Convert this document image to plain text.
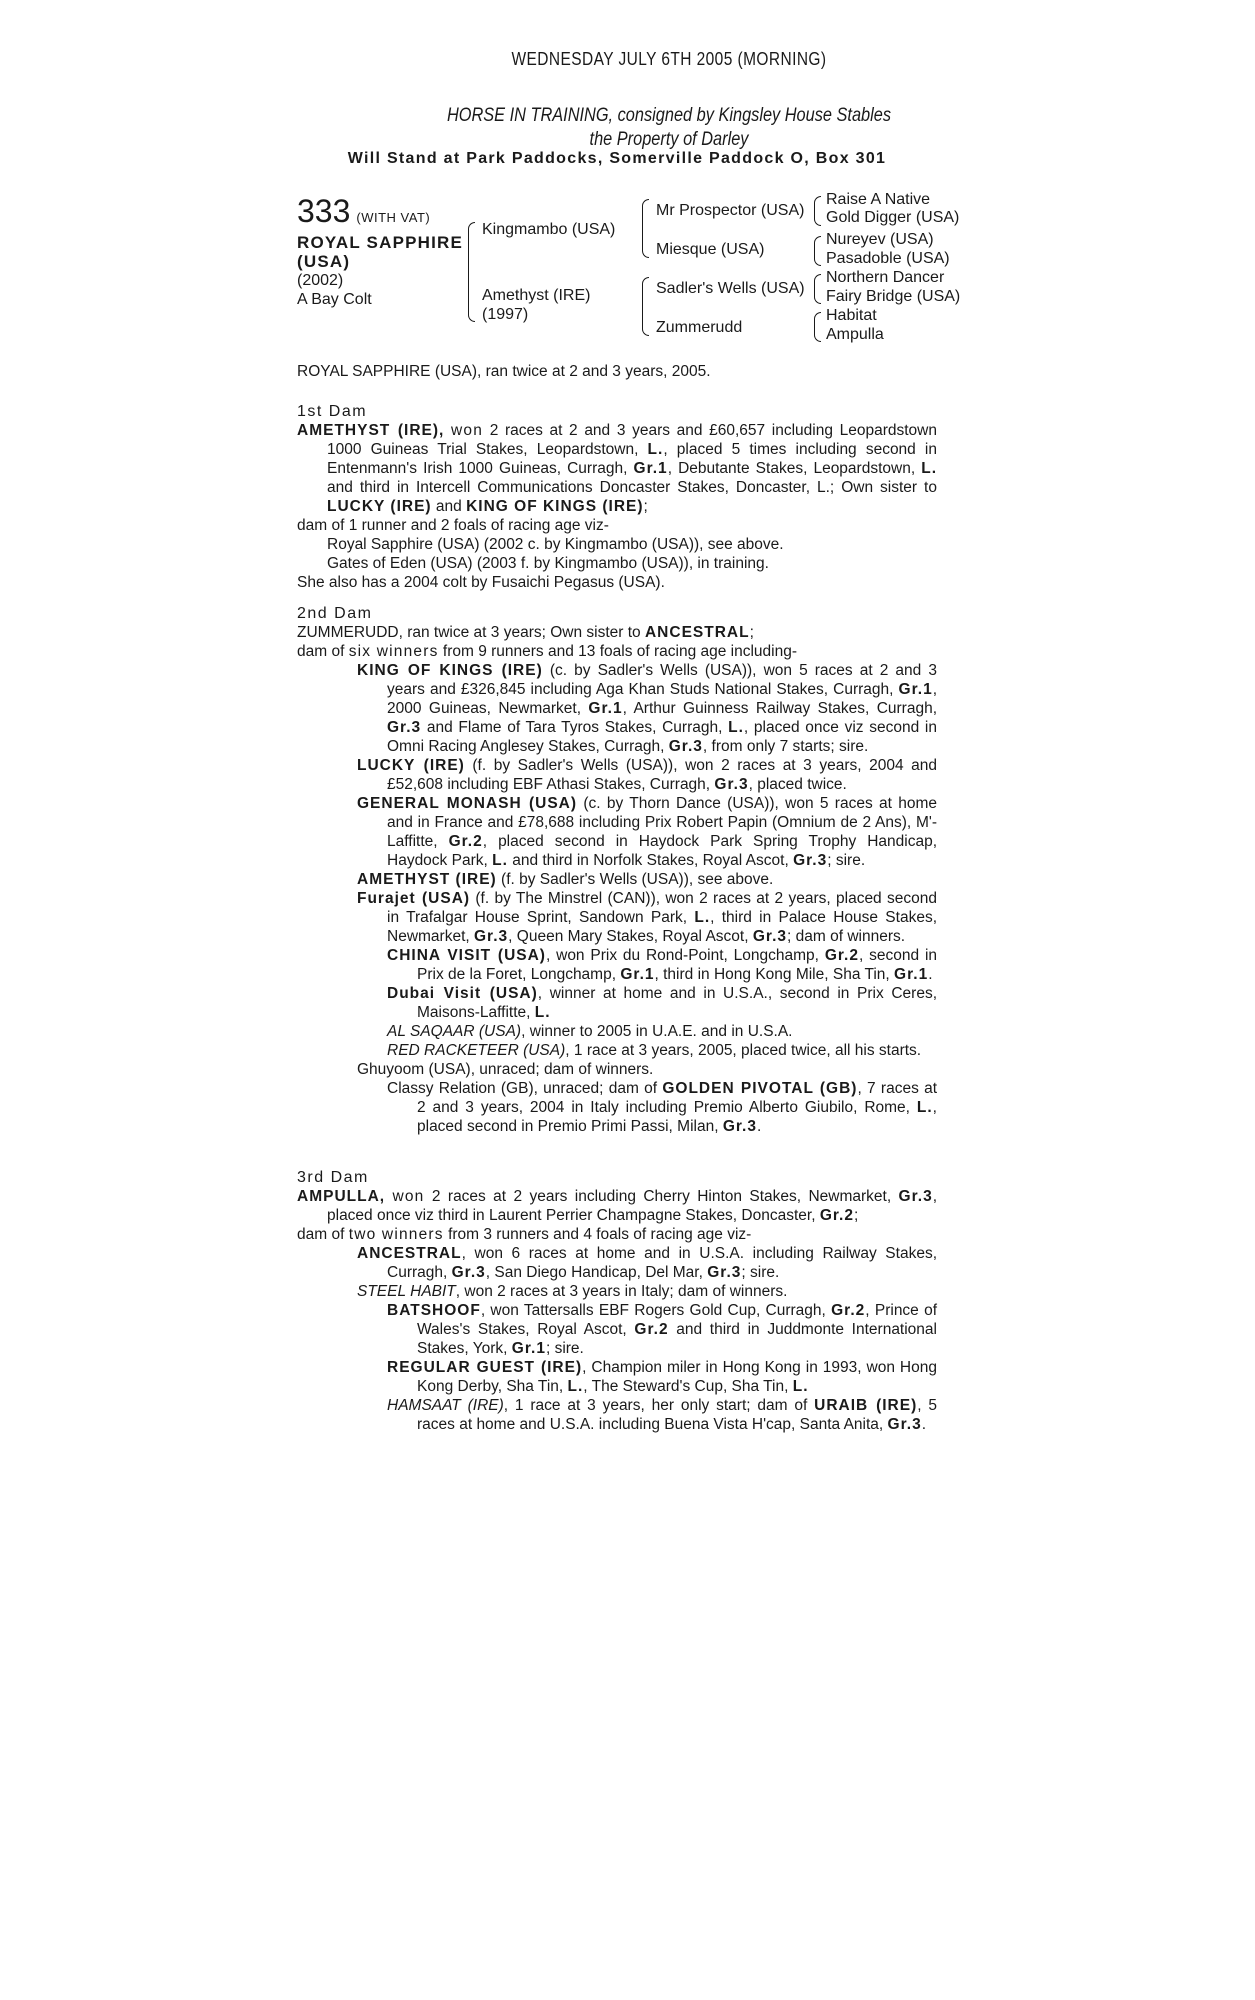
WEDNESDAY JULY 6TH 2005 (MORNING)
HORSE IN TRAINING, consigned by Kingsley House Stables
the Property of Darley
Will Stand at Park Paddocks, Somerville Paddock O, Box 301
333 (WITH VAT)
ROYAL SAPPHIRE
(USA)
(2002)
A Bay Colt
Kingmambo (USA)
Amethyst (IRE)
(1997)
Mr Prospector (USA)
Miesque (USA)
Sadler's Wells (USA)
Zummerudd
Raise A Native
Gold Digger (USA)
Nureyev (USA)
Pasadoble (USA)
Northern Dancer
Fairy Bridge (USA)
Habitat
Ampulla
ROYAL SAPPHIRE (USA), ran twice at 2 and 3 years, 2005.
1st Dam

AMETHYST (IRE), won 2 races at 2 and 3 years and £60,657 including Leopardstown 1000 Guineas Trial Stakes, Leopardstown, L., placed 5 times including second in Entenmann's Irish 1000 Guineas, Curragh, Gr.1, Debutante Stakes, Leopardstown, L. and third in Intercell Communications Doncaster Stakes, Doncaster, L.; Own sister to LUCKY (IRE) and KING OF KINGS (IRE);

dam of 1 runner and 2 foals of racing age viz-

Royal Sapphire (USA) (2002 c. by Kingmambo (USA)), see above.

Gates of Eden (USA) (2003 f. by Kingmambo (USA)), in training.

She also has a 2004 colt by Fusaichi Pegasus (USA).

2nd Dam

ZUMMERUDD, ran twice at 3 years; Own sister to ANCESTRAL;

dam of six winners from 9 runners and 13 foals of racing age including-

KING OF KINGS (IRE) (c. by Sadler's Wells (USA)), won 5 races at 2 and 3 years and £326,845 including Aga Khan Studs National Stakes, Curragh, Gr.1, 2000 Guineas, Newmarket, Gr.1, Arthur Guinness Railway Stakes, Curragh, Gr.3 and Flame of Tara Tyros Stakes, Curragh, L., placed once viz second in Omni Racing Anglesey Stakes, Curragh, Gr.3, from only 7 starts; sire.

LUCKY (IRE) (f. by Sadler's Wells (USA)), won 2 races at 3 years, 2004 and £52,608 including EBF Athasi Stakes, Curragh, Gr.3, placed twice.

GENERAL MONASH (USA) (c. by Thorn Dance (USA)), won 5 races at home and in France and £78,688 including Prix Robert Papin (Omnium de 2 Ans), M'-Laffitte, Gr.2, placed second in Haydock Park Spring Trophy Handicap, Haydock Park, L. and third in Norfolk Stakes, Royal Ascot, Gr.3; sire.

AMETHYST (IRE) (f. by Sadler's Wells (USA)), see above.

Furajet (USA) (f. by The Minstrel (CAN)), won 2 races at 2 years, placed second in Trafalgar House Sprint, Sandown Park, L., third in Palace House Stakes, Newmarket, Gr.3, Queen Mary Stakes, Royal Ascot, Gr.3; dam of winners.

CHINA VISIT (USA), won Prix du Rond-Point, Longchamp, Gr.2, second in Prix de la Foret, Longchamp, Gr.1, third in Hong Kong Mile, Sha Tin, Gr.1.

Dubai Visit (USA), winner at home and in U.S.A., second in Prix Ceres, Maisons-Laffitte, L.

AL SAQAAR (USA), winner to 2005 in U.A.E. and in U.S.A.

RED RACKETEER (USA), 1 race at 3 years, 2005, placed twice, all his starts.

Ghuyoom (USA), unraced; dam of winners.

Classy Relation (GB), unraced; dam of GOLDEN PIVOTAL (GB), 7 races at 2 and 3 years, 2004 in Italy including Premio Alberto Giubilo, Rome, L., placed second in Premio Primi Passi, Milan, Gr.3.

3rd Dam

AMPULLA, won 2 races at 2 years including Cherry Hinton Stakes, Newmarket, Gr.3, placed once viz third in Laurent Perrier Champagne Stakes, Doncaster, Gr.2;

dam of two winners from 3 runners and 4 foals of racing age viz-

ANCESTRAL, won 6 races at home and in U.S.A. including Railway Stakes, Curragh, Gr.3, San Diego Handicap, Del Mar, Gr.3; sire.

STEEL HABIT, won 2 races at 3 years in Italy; dam of winners.

BATSHOOF, won Tattersalls EBF Rogers Gold Cup, Curragh, Gr.2, Prince of Wales's Stakes, Royal Ascot, Gr.2 and third in Juddmonte International Stakes, York, Gr.1; sire.

REGULAR GUEST (IRE), Champion miler in Hong Kong in 1993, won Hong Kong Derby, Sha Tin, L., The Steward's Cup, Sha Tin, L.

HAMSAAT (IRE), 1 race at 3 years, her only start; dam of URAIB (IRE), 5 races at home and U.S.A. including Buena Vista H'cap, Santa Anita, Gr.3.
